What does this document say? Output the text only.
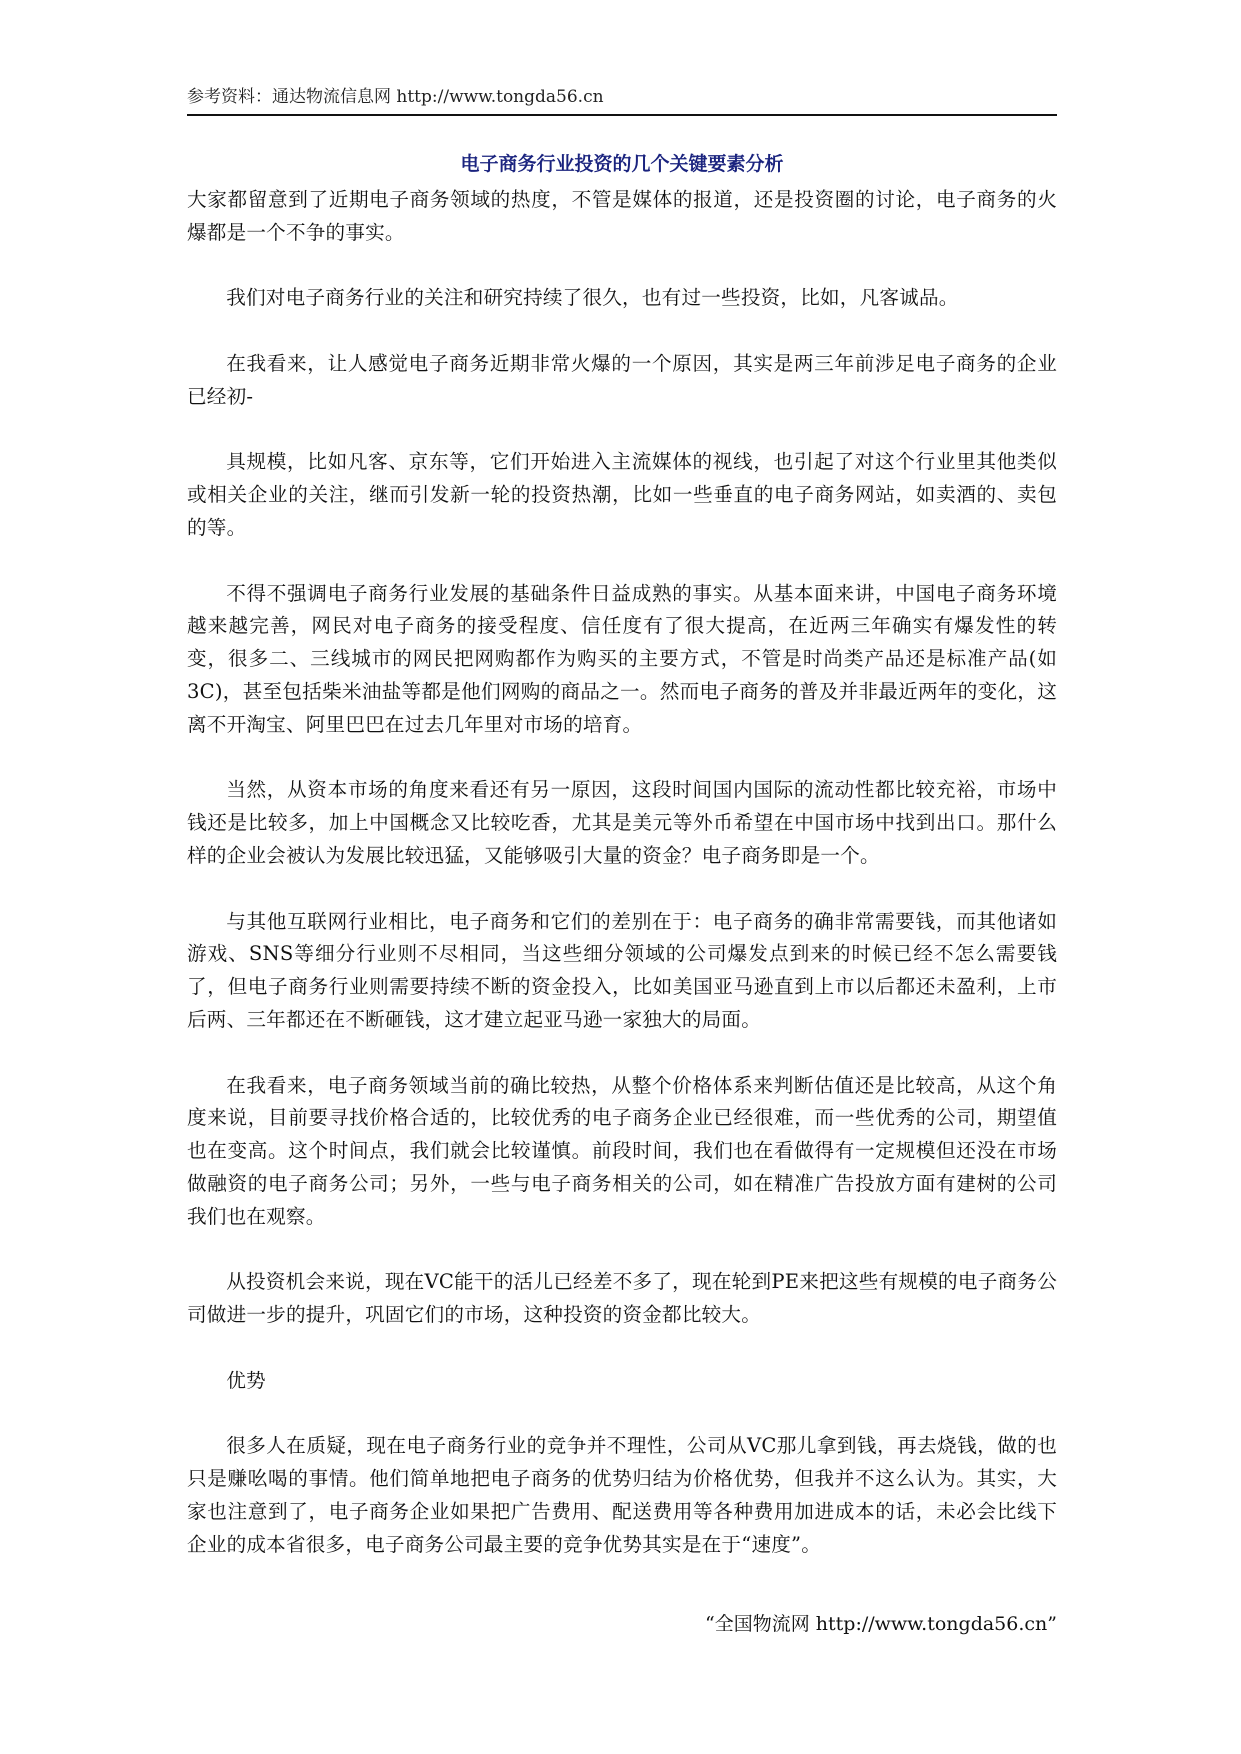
参考资料：通达物流信息网 http://www.tongda56.cn
电子商务行业投资的几个关键要素分析

大家都留意到了近期电子商务领域的热度，不管是媒体的报道，还是投资圈的讨论，电子商务的火爆都是一个不争的事实。

我们对电子商务行业的关注和研究持续了很久，也有过一些投资，比如，凡客诚品。

在我看来，让人感觉电子商务近期非常火爆的一个原因，其实是两三年前涉足电子商务的企业已经初-

具规模，比如凡客、京东等，它们开始进入主流媒体的视线，也引起了对这个行业里其他类似或相关企业的关注，继而引发新一轮的投资热潮，比如一些垂直的电子商务网站，如卖酒的、卖包的等。

不得不强调电子商务行业发展的基础条件日益成熟的事实。从基本面来讲，中国电子商务环境越来越完善，网民对电子商务的接受程度、信任度有了很大提高，在近两三年确实有爆发性的转变，很多二、三线城市的网民把网购都作为购买的主要方式，不管是时尚类产品还是标准产品(如3C)，甚至包括柴米油盐等都是他们网购的商品之一。然而电子商务的普及并非最近两年的变化，这离不开淘宝、阿里巴巴在过去几年里对市场的培育。

当然，从资本市场的角度来看还有另一原因，这段时间国内国际的流动性都比较充裕，市场中钱还是比较多，加上中国概念又比较吃香，尤其是美元等外币希望在中国市场中找到出口。那什么样的企业会被认为发展比较迅猛，又能够吸引大量的资金？电子商务即是一个。

与其他互联网行业相比，电子商务和它们的差别在于：电子商务的确非常需要钱，而其他诸如游戏、SNS等细分行业则不尽相同，当这些细分领域的公司爆发点到来的时候已经不怎么需要钱了，但电子商务行业则需要持续不断的资金投入，比如美国亚马逊直到上市以后都还未盈利，上市后两、三年都还在不断砸钱，这才建立起亚马逊一家独大的局面。

在我看来，电子商务领域当前的确比较热，从整个价格体系来判断估值还是比较高，从这个角度来说，目前要寻找价格合适的，比较优秀的电子商务企业已经很难，而一些优秀的公司，期望值也在变高。这个时间点，我们就会比较谨慎。前段时间，我们也在看做得有一定规模但还没在市场做融资的电子商务公司；另外，一些与电子商务相关的公司，如在精准广告投放方面有建树的公司我们也在观察。

从投资机会来说，现在VC能干的活儿已经差不多了，现在轮到PE来把这些有规模的电子商务公司做进一步的提升，巩固它们的市场，这种投资的资金都比较大。

优势

很多人在质疑，现在电子商务行业的竞争并不理性，公司从VC那儿拿到钱，再去烧钱，做的也只是赚吆喝的事情。他们简单地把电子商务的优势归结为价格优势，但我并不这么认为。其实，大家也注意到了，电子商务企业如果把广告费用、配送费用等各种费用加进成本的话，未必会比线下企业的成本省很多，电子商务公司最主要的竞争优势其实是在于“速度”。

“全国物流网 http://www.tongda56.cn”
